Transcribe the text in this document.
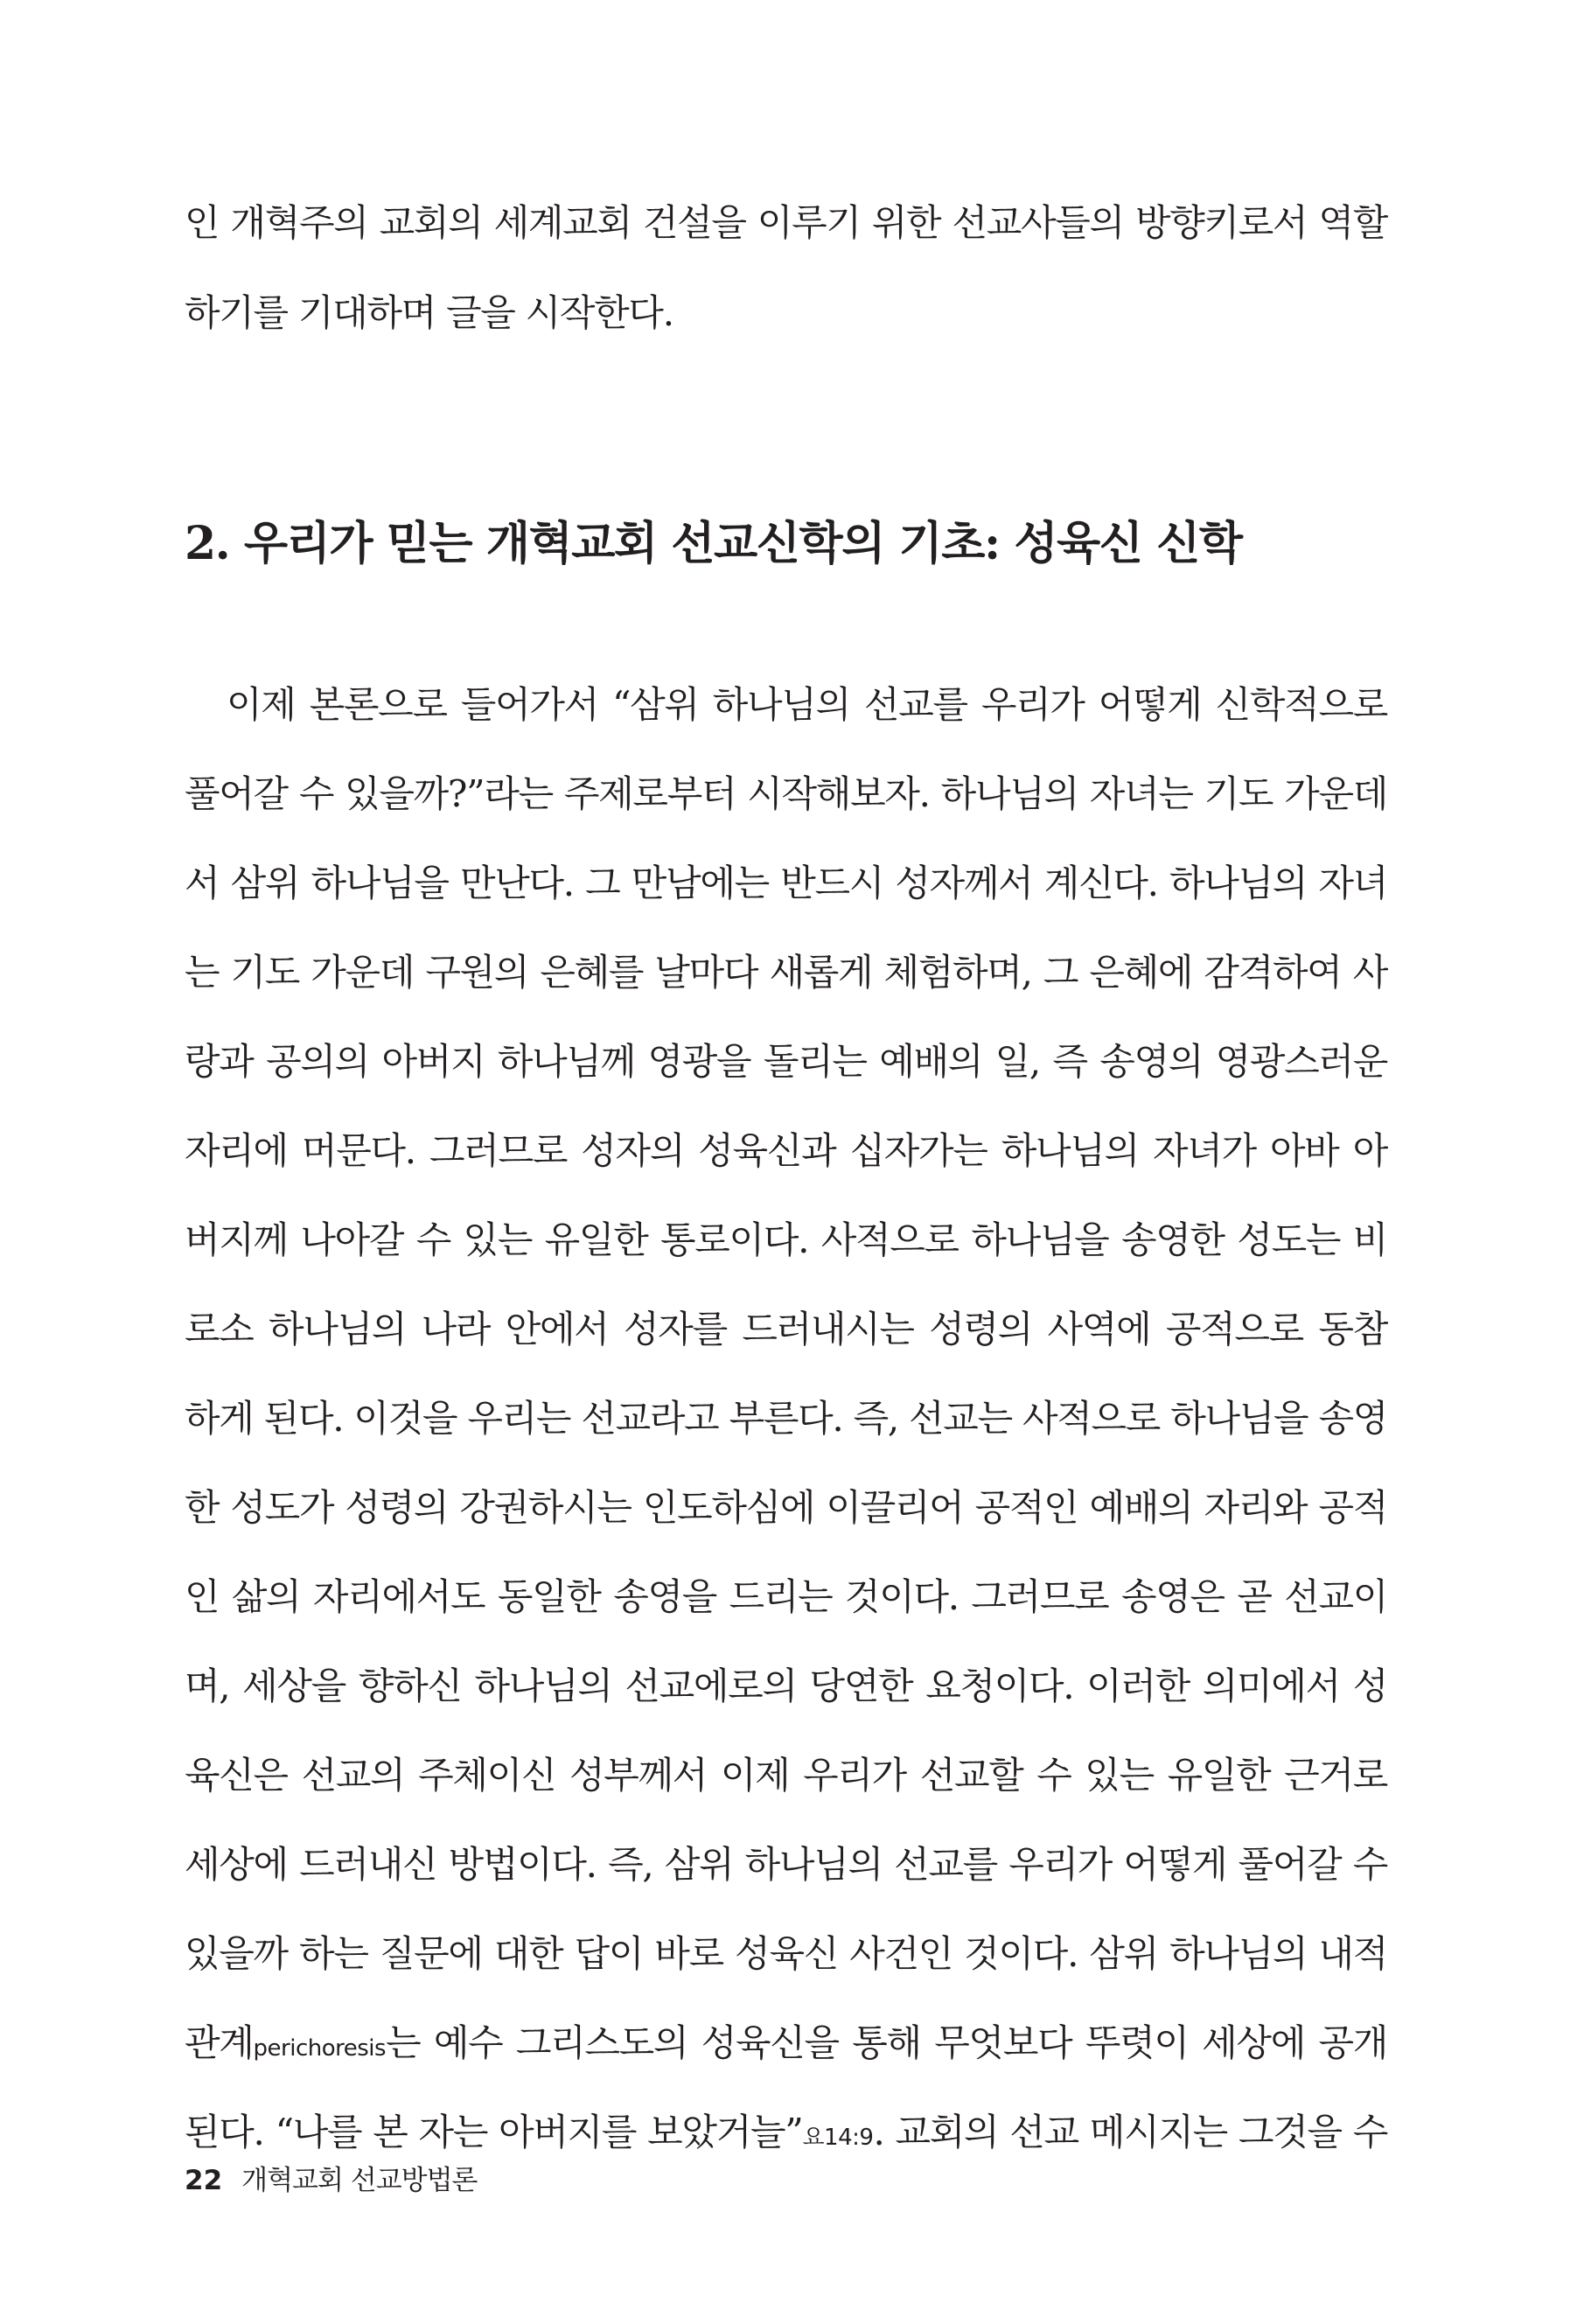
인 개혁주의 교회의 세계교회 건설을 이루기 위한 선교사들의 방향키로서 역할
하기를 기대하며 글을 시작한다.
2. 우리가 믿는 개혁교회 선교신학의 기초: 성육신 신학
이제 본론으로 들어가서 “삼위 하나님의 선교를 우리가 어떻게 신학적으로
풀어갈 수 있을까?”라는 주제로부터 시작해보자. 하나님의 자녀는 기도 가운데
서 삼위 하나님을 만난다. 그 만남에는 반드시 성자께서 계신다. 하나님의 자녀
는 기도 가운데 구원의 은혜를 날마다 새롭게 체험하며, 그 은혜에 감격하여 사
랑과 공의의 아버지 하나님께 영광을 돌리는 예배의 일, 즉 송영의 영광스러운
자리에 머문다. 그러므로 성자의 성육신과 십자가는 하나님의 자녀가 아바 아
버지께 나아갈 수 있는 유일한 통로이다. 사적으로 하나님을 송영한 성도는 비
로소 하나님의 나라 안에서 성자를 드러내시는 성령의 사역에 공적으로 동참
하게 된다. 이것을 우리는 선교라고 부른다. 즉, 선교는 사적으로 하나님을 송영
한 성도가 성령의 강권하시는 인도하심에 이끌리어 공적인 예배의 자리와 공적
인 삶의 자리에서도 동일한 송영을 드리는 것이다. 그러므로 송영은 곧 선교이
며, 세상을 향하신 하나님의 선교에로의 당연한 요청이다. 이러한 의미에서 성
육신은 선교의 주체이신 성부께서 이제 우리가 선교할 수 있는 유일한 근거로
세상에 드러내신 방법이다. 즉, 삼위 하나님의 선교를 우리가 어떻게 풀어갈 수
있을까 하는 질문에 대한 답이 바로 성육신 사건인 것이다. 삼위 하나님의 내적
관계perichoresis는 예수 그리스도의 성육신을 통해 무엇보다 뚜렷이 세상에 공개
된다. “나를 본 자는 아버지를 보았거늘”요14:9. 교회의 선교 메시지는 그것을 수
22 개혁교회 선교방법론
